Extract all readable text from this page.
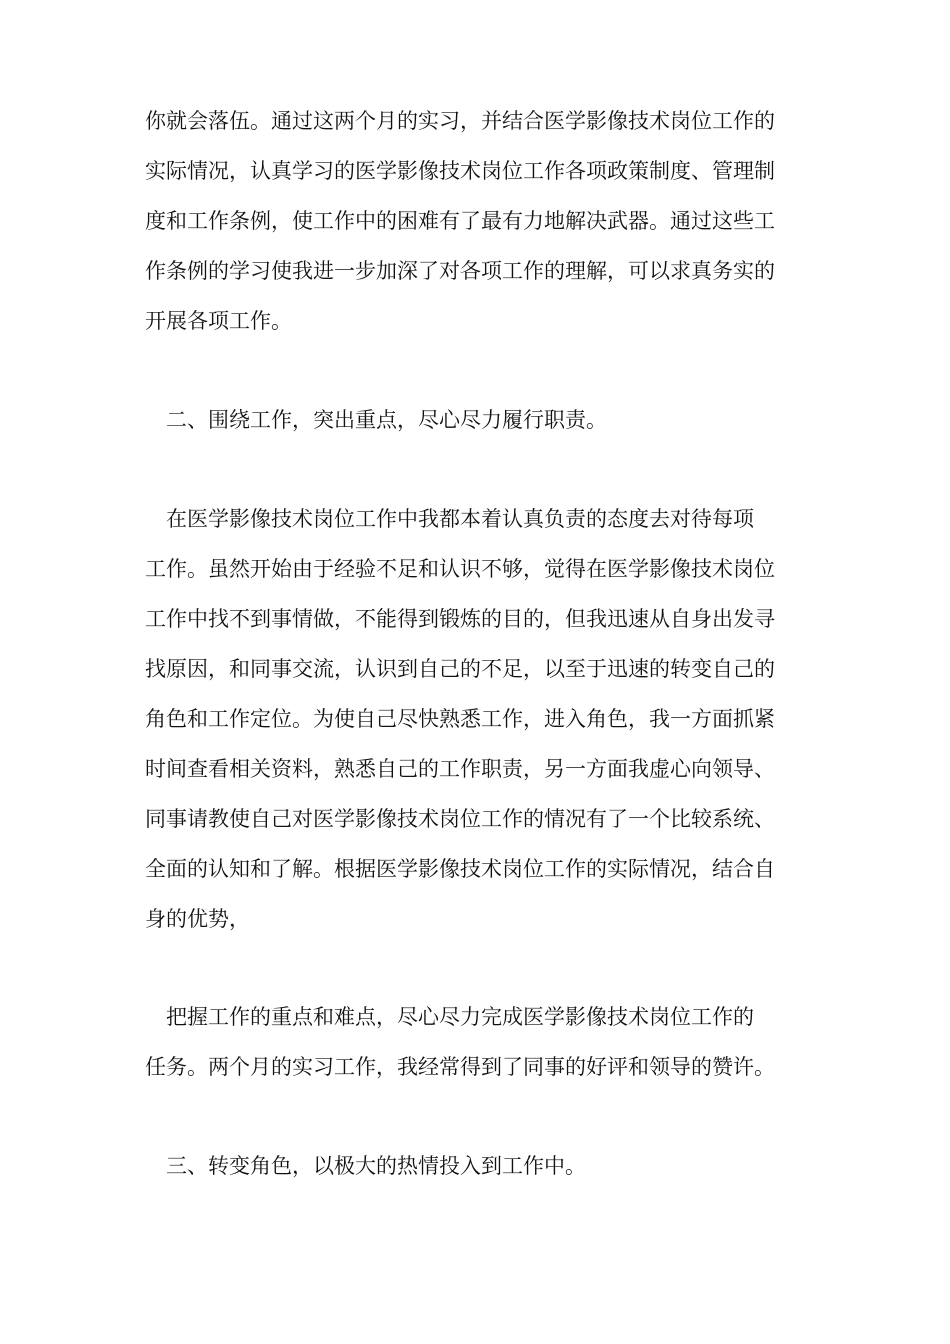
你就会落伍。通过这两个月的实习，并结合医学影像技术岗位工作的
实际情况，认真学习的医学影像技术岗位工作各项政策制度、管理制
度和工作条例，使工作中的困难有了最有力地解决武器。通过这些工
作条例的学习使我进一步加深了对各项工作的理解，可以求真务实的
开展各项工作。
　二、围绕工作，突出重点，尽心尽力履行职责。
　在医学影像技术岗位工作中我都本着认真负责的态度去对待每项
工作。虽然开始由于经验不足和认识不够，觉得在医学影像技术岗位
工作中找不到事情做，不能得到锻炼的目的，但我迅速从自身出发寻
找原因，和同事交流，认识到自己的不足，以至于迅速的转变自己的
角色和工作定位。为使自己尽快熟悉工作，进入角色，我一方面抓紧
时间查看相关资料，熟悉自己的工作职责，另一方面我虚心向领导、
同事请教使自己对医学影像技术岗位工作的情况有了一个比较系统、
全面的认知和了解。根据医学影像技术岗位工作的实际情况，结合自
身的优势，
　把握工作的重点和难点，尽心尽力完成医学影像技术岗位工作的
任务。两个月的实习工作，我经常得到了同事的好评和领导的赞许。
　三、转变角色，以极大的热情投入到工作中。
